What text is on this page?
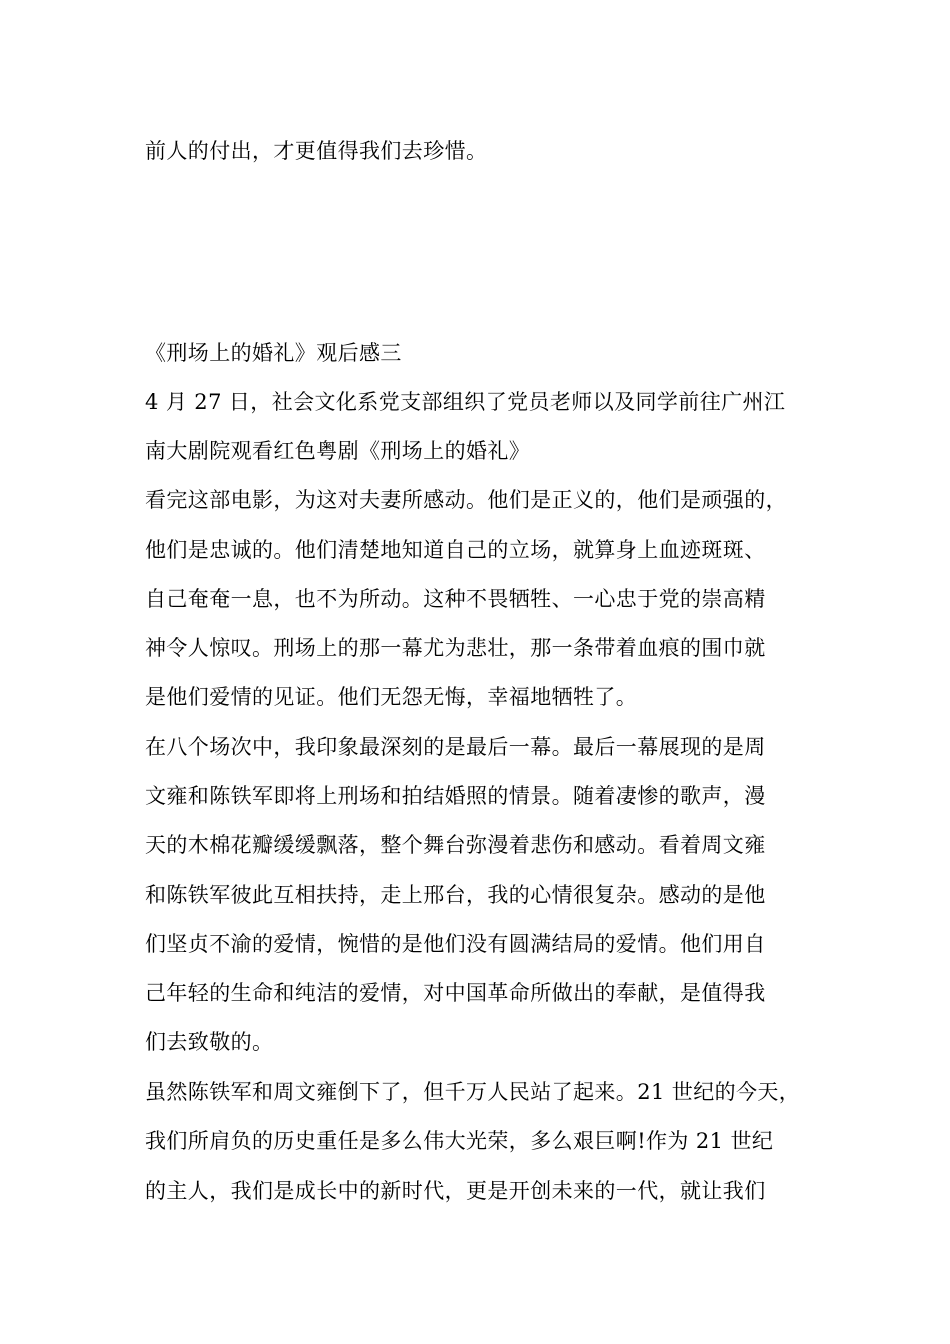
前人的付出，才更值得我们去珍惜。
《刑场上的婚礼》观后感三
4 月 27 日，社会文化系党支部组织了党员老师以及同学前往广州江
南大剧院观看红色粤剧《刑场上的婚礼》
看完这部电影，为这对夫妻所感动。他们是正义的，他们是顽强的，
他们是忠诚的。他们清楚地知道自己的立场，就算身上血迹斑斑、
自己奄奄一息，也不为所动。这种不畏牺牲、一心忠于党的崇高精
神令人惊叹。刑场上的那一幕尤为悲壮，那一条带着血痕的围巾就
是他们爱情的见证。他们无怨无悔，幸福地牺牲了。
在八个场次中，我印象最深刻的是最后一幕。最后一幕展现的是周
文雍和陈铁军即将上刑场和拍结婚照的情景。随着凄惨的歌声，漫
天的木棉花瓣缓缓飘落，整个舞台弥漫着悲伤和感动。看着周文雍
和陈铁军彼此互相扶持，走上邢台，我的心情很复杂。感动的是他
们坚贞不渝的爱情，惋惜的是他们没有圆满结局的爱情。他们用自
己年轻的生命和纯洁的爱情，对中国革命所做出的奉献，是值得我
们去致敬的。
虽然陈铁军和周文雍倒下了，但千万人民站了起来。21 世纪的今天，
我们所肩负的历史重任是多么伟大光荣，多么艰巨啊!作为 21 世纪
的主人，我们是成长中的新时代，更是开创未来的一代，就让我们
